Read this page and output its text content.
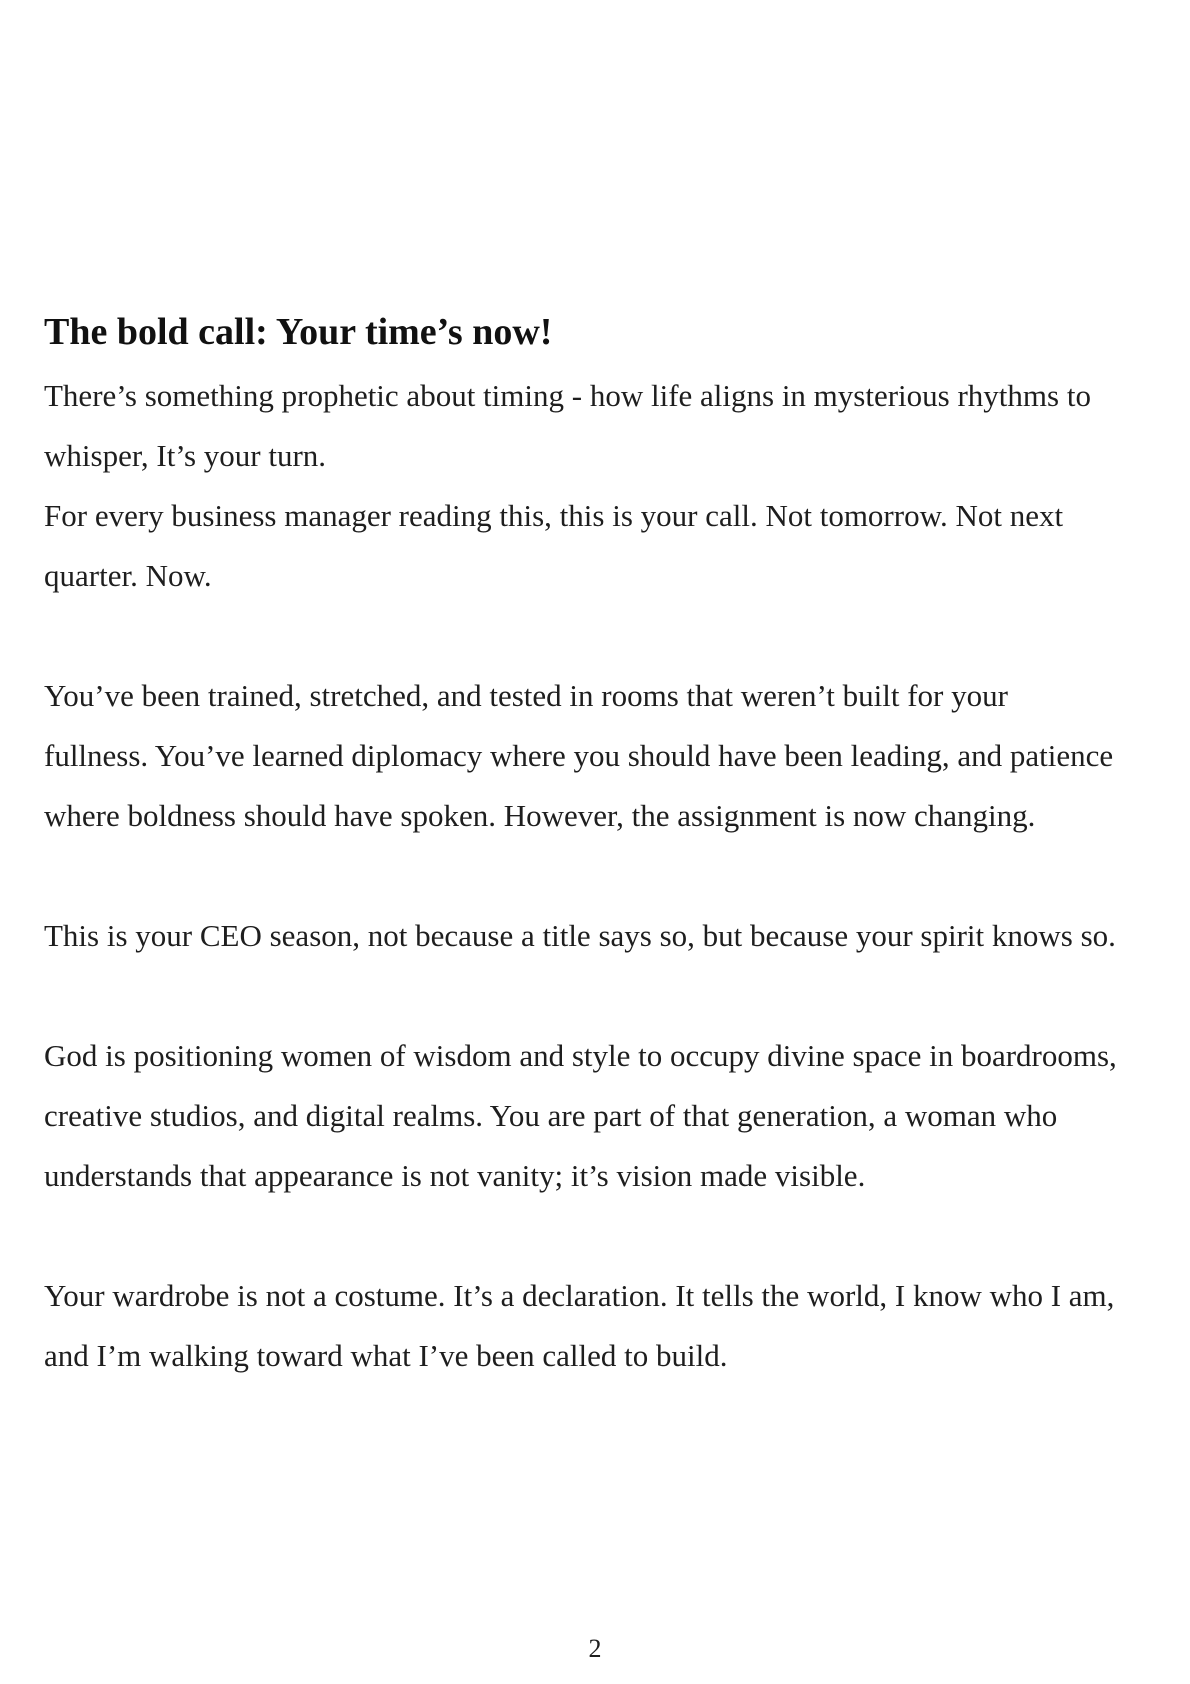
The bold call: Your time’s now!
There’s something prophetic about timing - how life aligns in mysterious rhythms to
whisper, It’s your turn.
For every business manager reading this, this is your call. Not tomorrow. Not next
quarter. Now.
You’ve been trained, stretched, and tested in rooms that weren’t built for your
fullness. You’ve learned diplomacy where you should have been leading, and patience
where boldness should have spoken. However, the assignment is now changing.
This is your CEO season, not because a title says so, but because your spirit knows so.
God is positioning women of wisdom and style to occupy divine space in boardrooms,
creative studios, and digital realms. You are part of that generation, a woman who
understands that appearance is not vanity; it’s vision made visible.
Your wardrobe is not a costume. It’s a declaration. It tells the world, I know who I am,
and I’m walking toward what I’ve been called to build.
2
